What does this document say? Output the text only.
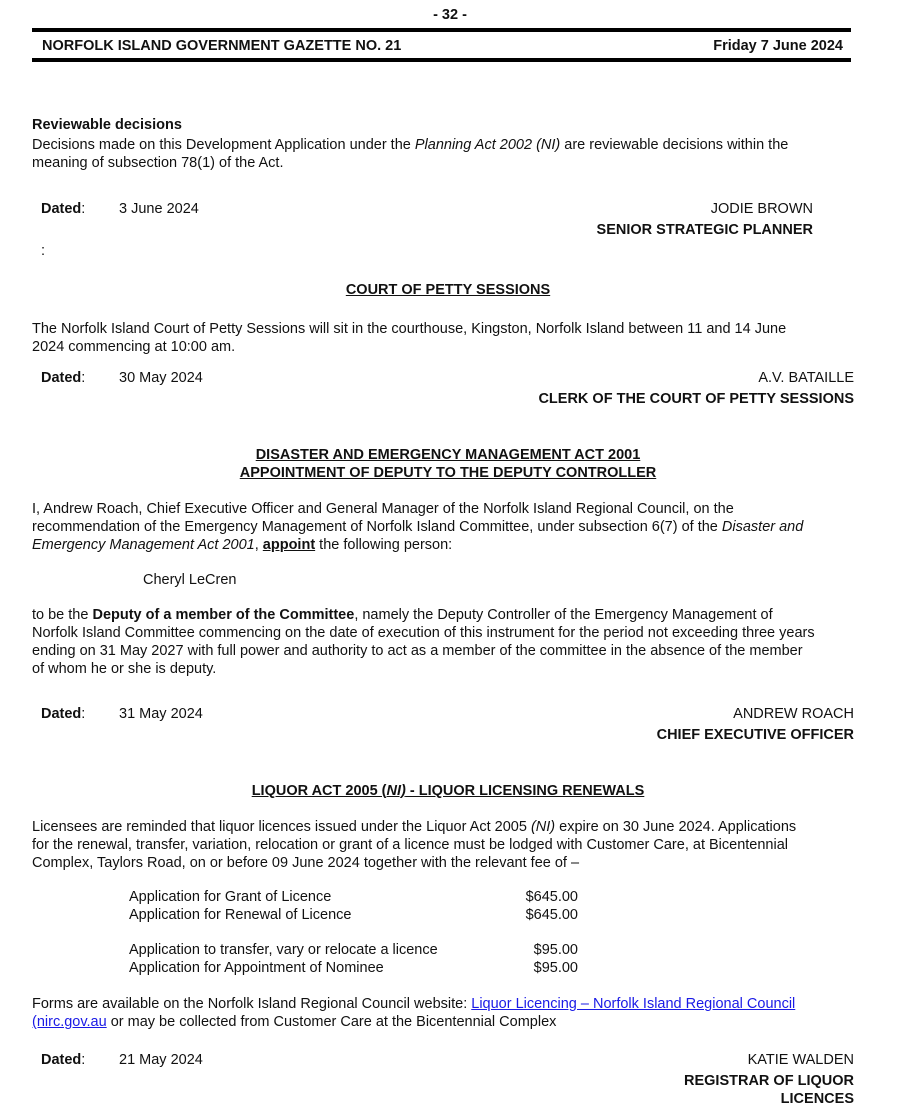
- 32 -
NORFOLK ISLAND GOVERNMENT GAZETTE NO. 21	Friday 7 June 2024
Reviewable decisions
Decisions made on this Development Application under the Planning Act 2002 (NI) are reviewable decisions within the
meaning of subsection 78(1) of the Act.
Dated: 3 June 2024	JODIE BROWN
SENIOR STRATEGIC PLANNER
:
COURT OF PETTY SESSIONS
The Norfolk Island Court of Petty Sessions will sit in the courthouse, Kingston, Norfolk Island between 11 and 14 June
2024 commencing at 10:00 am.
Dated: 30 May 2024	A.V. BATAILLE
CLERK OF THE COURT OF PETTY SESSIONS
DISASTER AND EMERGENCY MANAGEMENT ACT 2001
APPOINTMENT OF DEPUTY TO THE DEPUTY CONTROLLER
I, Andrew Roach, Chief Executive Officer and General Manager of the Norfolk Island Regional Council, on the
recommendation of the Emergency Management of Norfolk Island Committee, under subsection 6(7) of the Disaster and
Emergency Management Act 2001, appoint the following person:
Cheryl LeCren
to be the Deputy of a member of the Committee, namely the Deputy Controller of the Emergency Management of
Norfolk Island Committee commencing on the date of execution of this instrument for the period not exceeding three years
ending on 31 May 2027 with full power and authority to act as a member of the committee in the absence of the member
of whom he or she is deputy.
Dated: 31 May 2024	ANDREW ROACH
CHIEF EXECUTIVE OFFICER
LIQUOR ACT 2005 (NI) - LIQUOR LICENSING RENEWALS
Licensees are reminded that liquor licences issued under the Liquor Act 2005 (NI) expire on 30 June 2024. Applications
for the renewal, transfer, variation, relocation or grant of a licence must be lodged with Customer Care, at Bicentennial
Complex, Taylors Road, on or before 09 June 2024 together with the relevant fee of –
Application for Grant of Licence	$645.00
Application for Renewal of Licence	$645.00
Application to transfer, vary or relocate a licence	$95.00
Application for Appointment of Nominee	$95.00
Forms are available on the Norfolk Island Regional Council website: Liquor Licencing – Norfolk Island Regional Council
(nirc.gov.au or may be collected from Customer Care at the Bicentennial Complex
Dated: 21 May 2024	KATIE WALDEN
REGISTRAR OF LIQUOR
LICENCES
